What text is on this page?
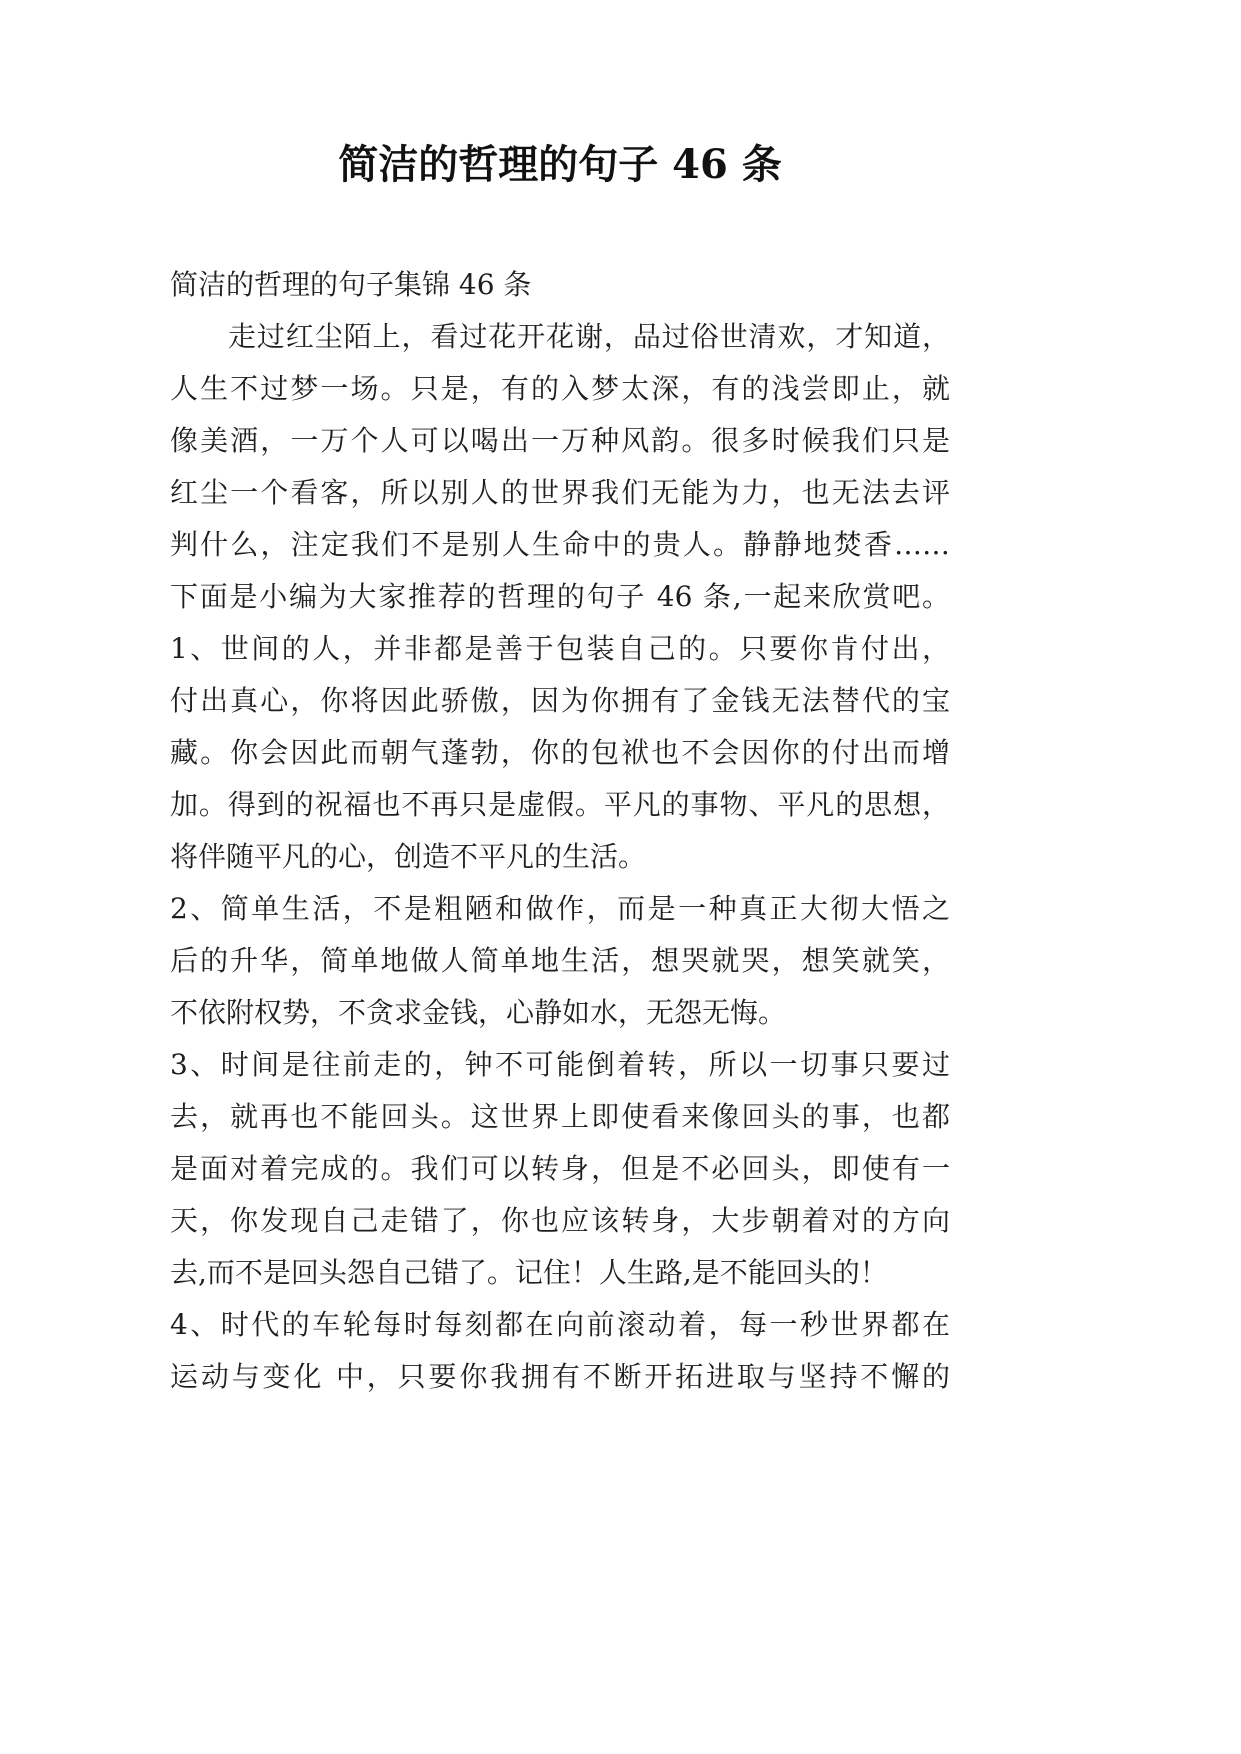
简洁的哲理的句子 46 条
简洁的哲理的句子集锦 46 条
走过红尘陌上，看过花开花谢，品过俗世清欢，才知道，
人生不过梦一场。只是，有的入梦太深，有的浅尝即止，就
像美酒，一万个人可以喝出一万种风韵。很多时候我们只是
红尘一个看客，所以别人的世界我们无能为力，也无法去评
判什么，注定我们不是别人生命中的贵人。静静地焚香……
下面是小编为大家推荐的哲理的句子 46 条,一起来欣赏吧。
1、世间的人，并非都是善于包装自己的。只要你肯付出，
付出真心，你将因此骄傲，因为你拥有了金钱无法替代的宝
藏。你会因此而朝气蓬勃，你的包袱也不会因你的付出而增
加。得到的祝福也不再只是虚假。平凡的事物、平凡的思想，
将伴随平凡的心，创造不平凡的生活。
2、简单生活，不是粗陋和做作，而是一种真正大彻大悟之
后的升华，简单地做人简单地生活，想哭就哭，想笑就笑，
不依附权势，不贪求金钱，心静如水，无怨无悔。
3、时间是往前走的，钟不可能倒着转，所以一切事只要过
去，就再也不能回头。这世界上即使看来像回头的事，也都
是面对着完成的。我们可以转身，但是不必回头，即使有一
天，你发现自己走错了，你也应该转身，大步朝着对的方向
去,而不是回头怨自己错了。记住！人生路,是不能回头的！
4、时代的车轮每时每刻都在向前滚动着，每一秒世界都在
运动与变化 中，只要你我拥有不断开拓进取与坚持不懈的
